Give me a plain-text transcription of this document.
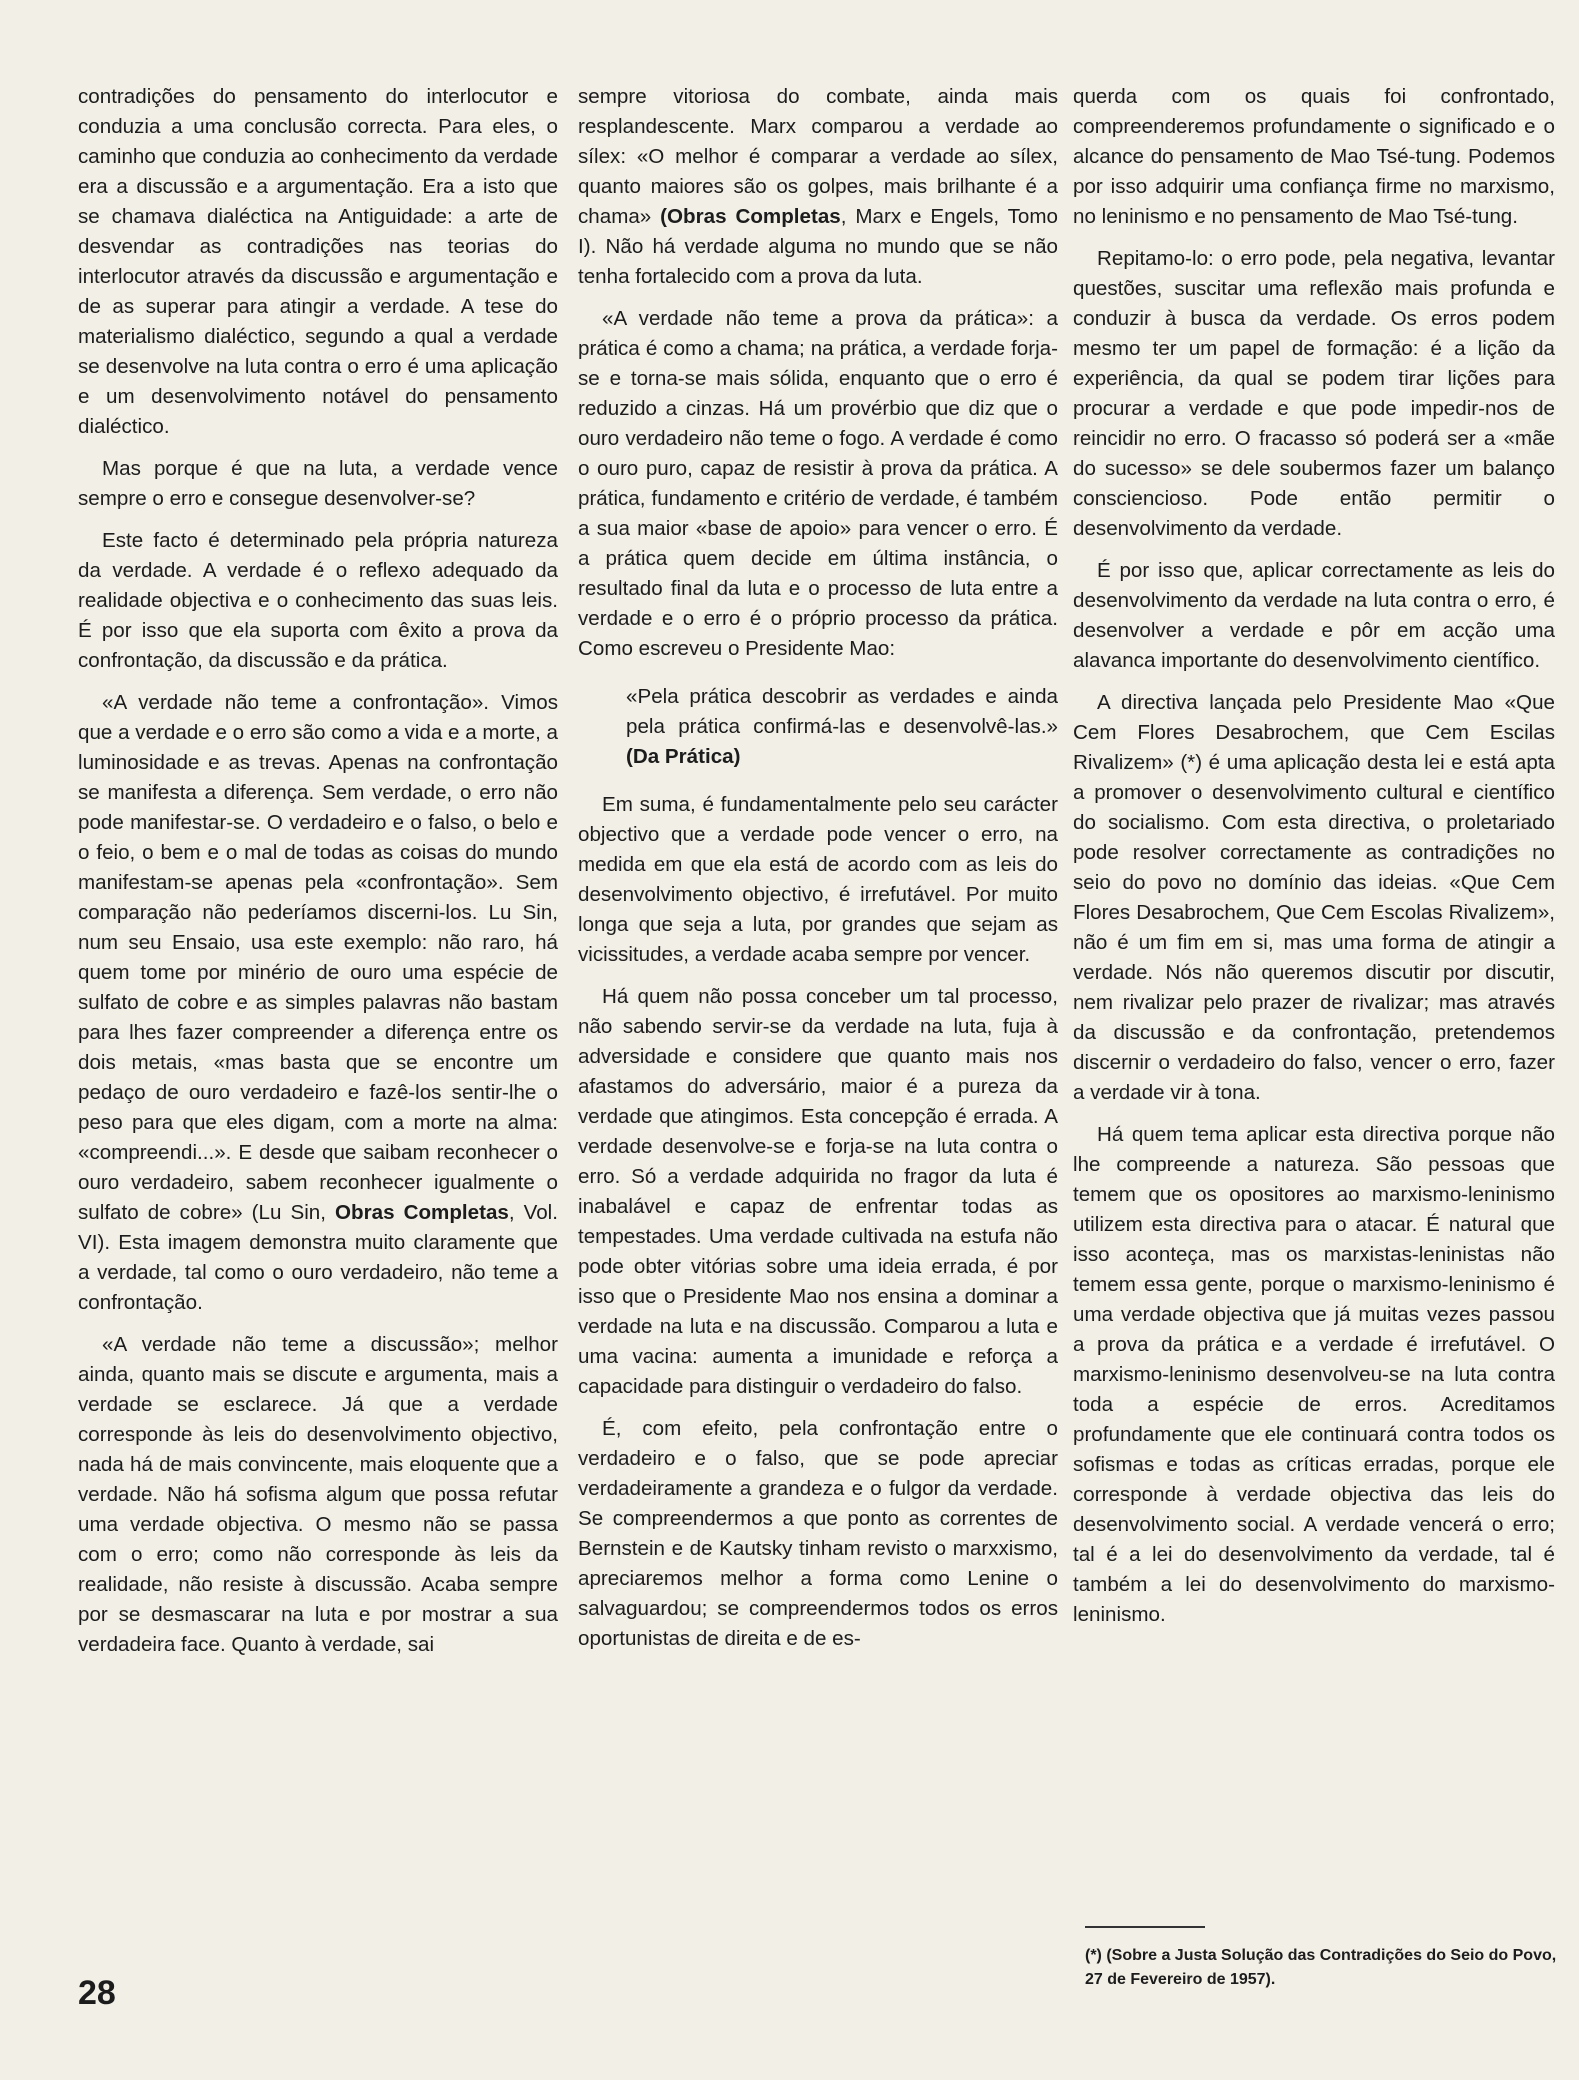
contradições do pensamento do interlocutor e conduzia a uma conclusão correcta. Para eles, o caminho que conduzia ao conhecimento da verdade era a discussão e a argumentação. Era a isto que se chamava dialéctica na Antiguidade: a arte de desvendar as contradições nas teorias do interlocutor através da discussão e argumentação e de as superar para atingir a verdade. A tese do materialismo dialéctico, segundo a qual a verdade se desenvolve na luta contra o erro é uma aplicação e um desenvolvimento notável do pensamento dialéctico.

Mas porque é que na luta, a verdade vence sempre o erro e consegue desenvolver-se?

Este facto é determinado pela própria natureza da verdade. A verdade é o reflexo adequado da realidade objectiva e o conhecimento das suas leis. É por isso que ela suporta com êxito a prova da confrontação, da discussão e da prática.

«A verdade não teme a confrontação». Vimos que a verdade e o erro são como a vida e a morte, a luminosidade e as trevas. Apenas na confrontação se manifesta a diferença. Sem verdade, o erro não pode manifestar-se. O verdadeiro e o falso, o belo e o feio, o bem e o mal de todas as coisas do mundo manifestam-se apenas pela «confrontação». Sem comparação não pederíamos discerni-los. Lu Sin, num seu Ensaio, usa este exemplo: não raro, há quem tome por minério de ouro uma espécie de sulfato de cobre e as simples palavras não bastam para lhes fazer compreender a diferença entre os dois metais, «mas basta que se encontre um pedaço de ouro verdadeiro e fazê-los sentir-lhe o peso para que eles digam, com a morte na alma: «compreendi...». E desde que saibam reconhecer o ouro verdadeiro, sabem reconhecer igualmente o sulfato de cobre» (Lu Sin, Obras Completas, Vol. VI). Esta imagem demonstra muito claramente que a verdade, tal como o ouro verdadeiro, não teme a confrontação.

«A verdade não teme a discussão»; melhor ainda, quanto mais se discute e argumenta, mais a verdade se esclarece. Já que a verdade corresponde às leis do desenvolvimento objectivo, nada há de mais convincente, mais eloquente que a verdade. Não há sofisma algum que possa refutar uma verdade objectiva. O mesmo não se passa com o erro; como não corresponde às leis da realidade, não resiste à discussão. Acaba sempre por se desmascarar na luta e por mostrar a sua verdadeira face. Quanto à verdade, sai

sempre vitoriosa do combate, ainda mais resplandescente. Marx comparou a verdade ao sílex: «O melhor é comparar a verdade ao sílex, quanto maiores são os golpes, mais brilhante é a chama» (Obras Completas, Marx e Engels, Tomo I). Não há verdade alguma no mundo que se não tenha fortalecido com a prova da luta.

«A verdade não teme a prova da prática»: a prática é como a chama; na prática, a verdade forja-se e torna-se mais sólida, enquanto que o erro é reduzido a cinzas. Há um provérbio que diz que o ouro verdadeiro não teme o fogo. A verdade é como o ouro puro, capaz de resistir à prova da prática. A prática, fundamento e critério de verdade, é também a sua maior «base de apoio» para vencer o erro. É a prática quem decide em última instância, o resultado final da luta e o processo de luta entre a verdade e o erro é o próprio processo da prática. Como escreveu o Presidente Mao:

«Pela prática descobrir as verdades e ainda pela prática confirmá-las e desenvolvê-las.» (Da Prática)

Em suma, é fundamentalmente pelo seu carácter objectivo que a verdade pode vencer o erro, na medida em que ela está de acordo com as leis do desenvolvimento objectivo, é irrefutável. Por muito longa que seja a luta, por grandes que sejam as vicissitudes, a verdade acaba sempre por vencer.

Há quem não possa conceber um tal processo, não sabendo servir-se da verdade na luta, fuja à adversidade e considere que quanto mais nos afastamos do adversário, maior é a pureza da verdade que atingimos. Esta concepção é errada. A verdade desenvolve-se e forja-se na luta contra o erro. Só a verdade adquirida no fragor da luta é inabalável e capaz de enfrentar todas as tempestades. Uma verdade cultivada na estufa não pode obter vitórias sobre uma ideia errada, é por isso que o Presidente Mao nos ensina a dominar a verdade na luta e na discussão. Comparou a luta e uma vacina: aumenta a imunidade e reforça a capacidade para distinguir o verdadeiro do falso.

É, com efeito, pela confrontação entre o verdadeiro e o falso, que se pode apreciar verdadeiramente a grandeza e o fulgor da verdade. Se compreendermos a que ponto as correntes de Bernstein e de Kautsky tinham revisto o marxxismo, apreciaremos melhor a forma como Lenine o salvaguardou; se compreendermos todos os erros oportunistas de direita e de es-

querda com os quais foi confrontado, compreenderemos profundamente o significado e o alcance do pensamento de Mao Tsé-tung. Podemos por isso adquirir uma confiança firme no marxismo, no leninismo e no pensamento de Mao Tsé-tung.

Repitamo-lo: o erro pode, pela negativa, levantar questões, suscitar uma reflexão mais profunda e conduzir à busca da verdade. Os erros podem mesmo ter um papel de formação: é a lição da experiência, da qual se podem tirar lições para procurar a verdade e que pode impedir-nos de reincidir no erro. O fracasso só poderá ser a «mãe do sucesso» se dele soubermos fazer um balanço consciencioso. Pode então permitir o desenvolvimento da verdade.

É por isso que, aplicar correctamente as leis do desenvolvimento da verdade na luta contra o erro, é desenvolver a verdade e pôr em acção uma alavanca importante do desenvolvimento científico.

A directiva lançada pelo Presidente Mao «Que Cem Flores Desabrochem, que Cem Escilas Rivalizem» (*) é uma aplicação desta lei e está apta a promover o desenvolvimento cultural e científico do socialismo. Com esta directiva, o proletariado pode resolver correctamente as contradições no seio do povo no domínio das ideias. «Que Cem Flores Desabrochem, Que Cem Escolas Rivalizem», não é um fim em si, mas uma forma de atingir a verdade. Nós não queremos discutir por discutir, nem rivalizar pelo prazer de rivalizar; mas através da discussão e da confrontação, pretendemos discernir o verdadeiro do falso, vencer o erro, fazer a verdade vir à tona.

Há quem tema aplicar esta directiva porque não lhe compreende a natureza. São pessoas que temem que os opositores ao marxismo-leninismo utilizem esta directiva para o atacar. É natural que isso aconteça, mas os marxistas-leninistas não temem essa gente, porque o marxismo-leninismo é uma verdade objectiva que já muitas vezes passou a prova da prática e a verdade é irrefutável. O marxismo-leninismo desenvolveu-se na luta contra toda a espécie de erros. Acreditamos profundamente que ele continuará contra todos os sofismas e todas as críticas erradas, porque ele corresponde à verdade objectiva das leis do desenvolvimento social. A verdade vencerá o erro; tal é a lei do desenvolvimento da verdade, tal é também a lei do desenvolvimento do marxismo-leninismo.

(*) (Sobre a Justa Solução das Contradições do Seio do Povo, 27 de Fevereiro de 1957).
28
